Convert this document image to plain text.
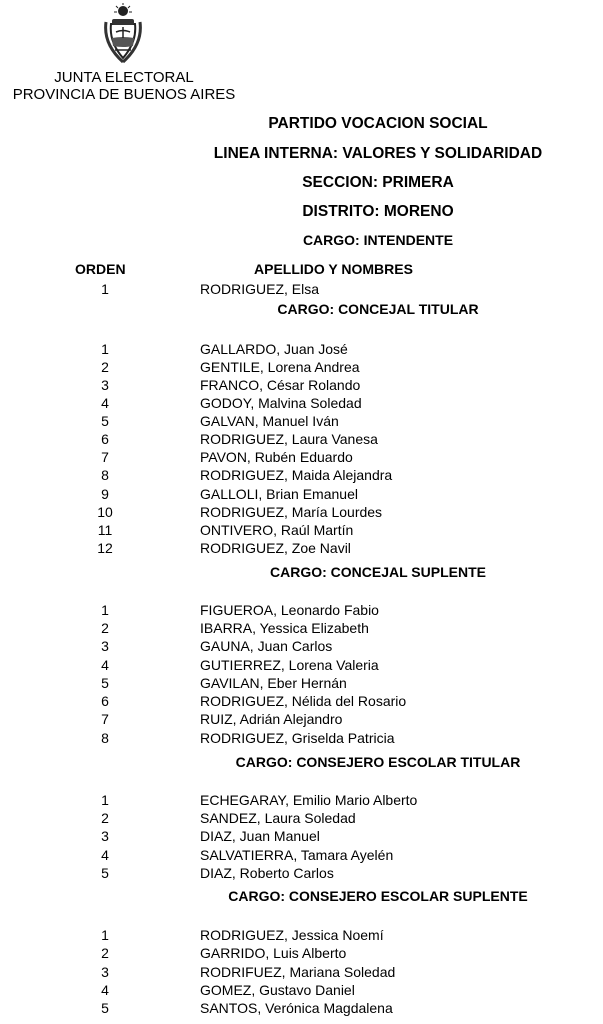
JUNTA ELECTORAL
PROVINCIA DE BUENOS AIRES
PARTIDO VOCACION SOCIAL
LINEA INTERNA: VALORES Y SOLIDARIDAD
SECCION: PRIMERA
DISTRITO: MORENO
CARGO: INTENDENTE
ORDEN	APELLIDO Y NOMBRES
1	RODRIGUEZ, Elsa
CARGO: CONCEJAL TITULAR
1	GALLARDO, Juan José
2	GENTILE, Lorena Andrea
3	FRANCO, César Rolando
4	GODOY, Malvina Soledad
5	GALVAN, Manuel Iván
6	RODRIGUEZ, Laura Vanesa
7	PAVON, Rubén Eduardo
8	RODRIGUEZ, Maida Alejandra
9	GALLOLI, Brian Emanuel
10	RODRIGUEZ, María Lourdes
11	ONTIVERO, Raúl Martín
12	RODRIGUEZ, Zoe Navil
CARGO: CONCEJAL SUPLENTE
1	FIGUEROA, Leonardo Fabio
2	IBARRA, Yessica Elizabeth
3	GAUNA, Juan Carlos
4	GUTIERREZ, Lorena Valeria
5	GAVILAN, Eber Hernán
6	RODRIGUEZ, Nélida del Rosario
7	RUIZ, Adrián Alejandro
8	RODRIGUEZ, Griselda Patricia
CARGO: CONSEJERO ESCOLAR TITULAR
1	ECHEGARAY, Emilio Mario Alberto
2	SANDEZ, Laura Soledad
3	DIAZ, Juan Manuel
4	SALVATIERRA, Tamara Ayelén
5	DIAZ, Roberto Carlos
CARGO: CONSEJERO ESCOLAR SUPLENTE
1	RODRIGUEZ, Jessica Noemí
2	GARRIDO, Luis Alberto
3	RODRIFUEZ, Mariana Soledad
4	GOMEZ, Gustavo Daniel
5	SANTOS, Verónica Magdalena
